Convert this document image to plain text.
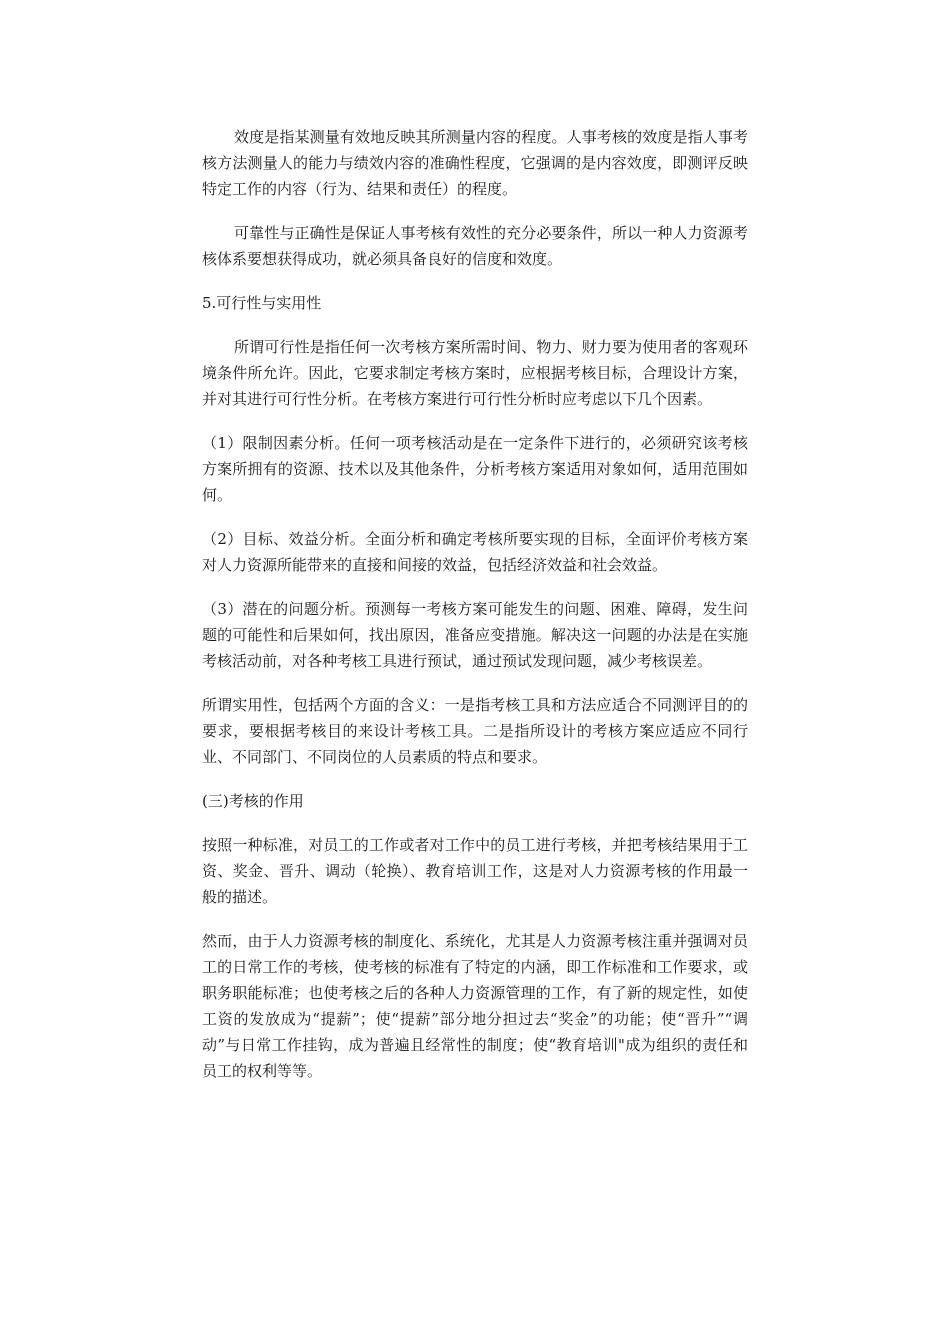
效度是指某测量有效地反映其所测量内容的程度。人事考核的效度是指人事考核方法测量人的能力与绩效内容的准确性程度，它强调的是内容效度，即测评反映特定工作的内容（行为、结果和责任）的程度。

可靠性与正确性是保证人事考核有效性的充分必要条件，所以一种人力资源考核体系要想获得成功，就必须具备良好的信度和效度。

5.可行性与实用性

所谓可行性是指任何一次考核方案所需时间、物力、财力要为使用者的客观环境条件所允许。因此，它要求制定考核方案时，应根据考核目标，合理设计方案，并对其进行可行性分析。在考核方案进行可行性分析时应考虑以下几个因素。

（1）限制因素分析。任何一项考核活动是在一定条件下进行的，必须研究该考核方案所拥有的资源、技术以及其他条件，分析考核方案适用对象如何，适用范围如何。

（2）目标、效益分析。全面分析和确定考核所要实现的目标，全面评价考核方案对人力资源所能带来的直接和间接的效益，包括经济效益和社会效益。

（3）潜在的问题分析。预测每一考核方案可能发生的问题、困难、障碍，发生问题的可能性和后果如何，找出原因，准备应变措施。解决这一问题的办法是在实施考核活动前，对各种考核工具进行预试，通过预试发现问题，减少考核误差。

所谓实用性，包括两个方面的含义：一是指考核工具和方法应适合不同测评目的的要求，要根据考核目的来设计考核工具。二是指所设计的考核方案应适应不同行业、不同部门、不同岗位的人员素质的特点和要求。

(三)考核的作用

按照一种标准，对员工的工作或者对工作中的员工进行考核，并把考核结果用于工资、奖金、晋升、调动（轮换）、教育培训工作，这是对人力资源考核的作用最一般的描述。

然而，由于人力资源考核的制度化、系统化，尤其是人力资源考核注重并强调对员工的日常工作的考核，使考核的标准有了特定的内涵，即工作标准和工作要求，或职务职能标准；也使考核之后的各种人力资源管理的工作，有了新的规定性，如使工资的发放成为“提薪”；使“提薪”部分地分担过去“奖金”的功能；使“晋升”“调动”与日常工作挂钩，成为普遍且经常性的制度；使“教育培训"成为组织的责任和员工的权利等等。
